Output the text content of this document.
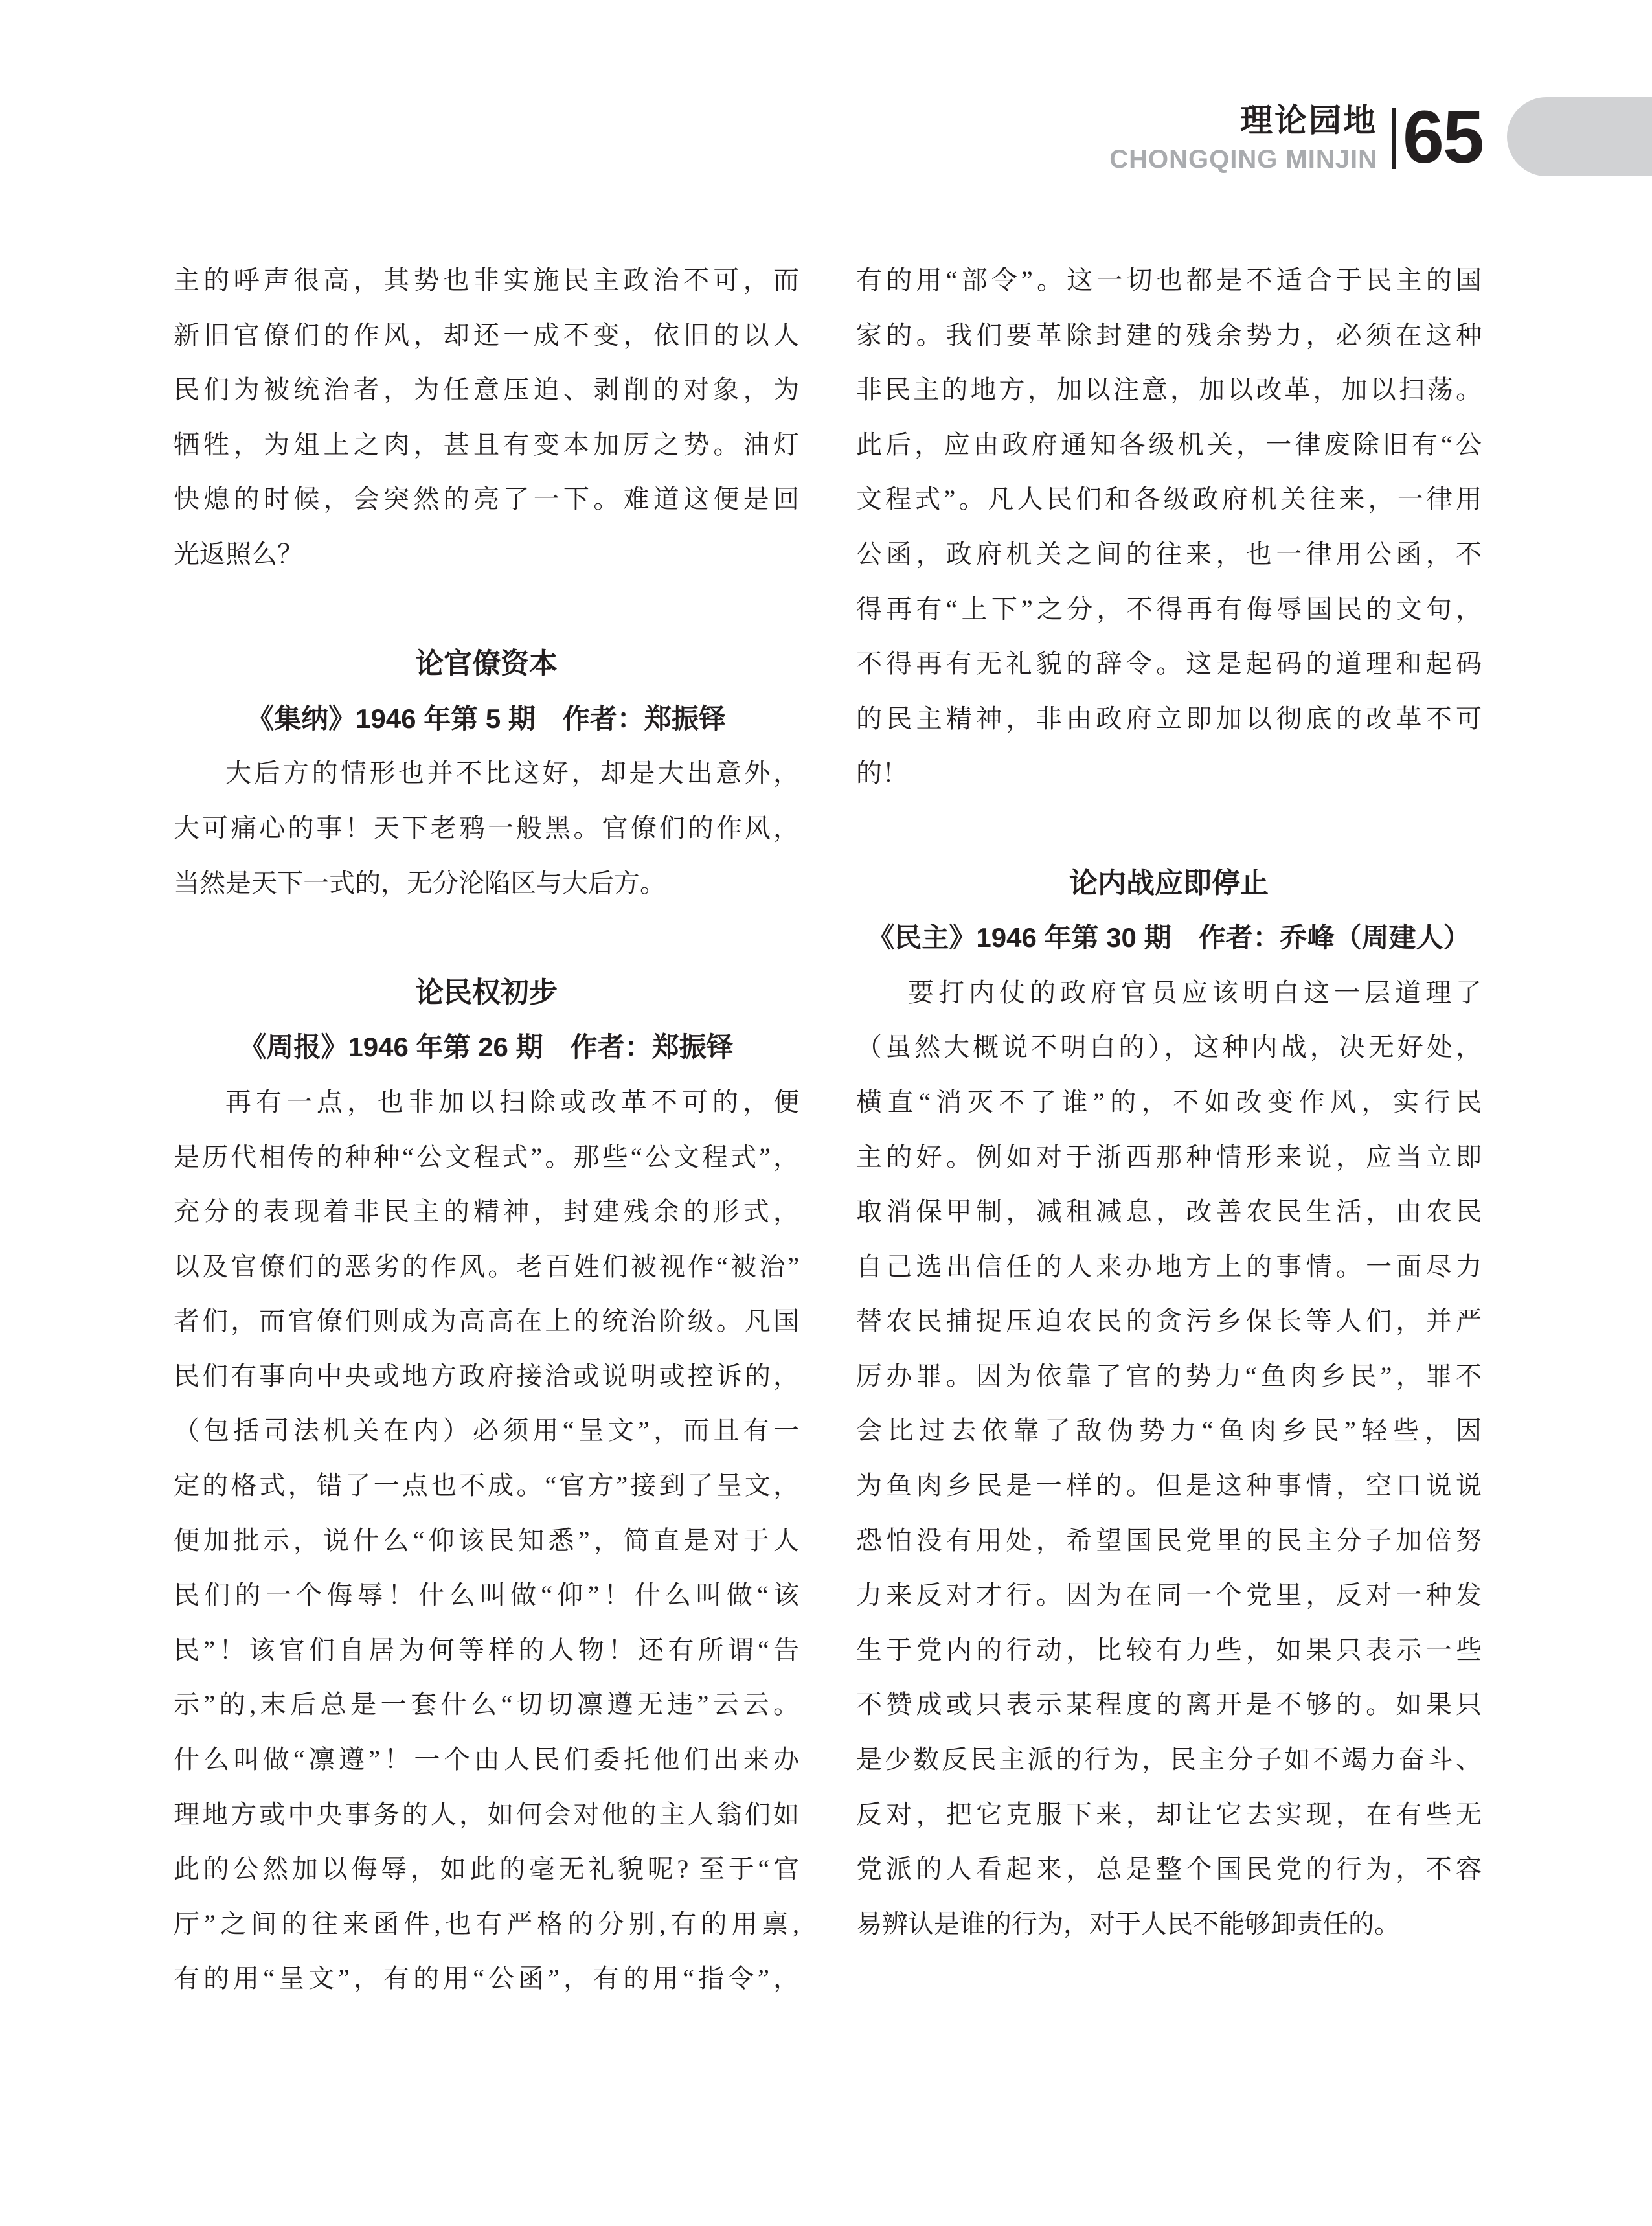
理论园地
CHONGQING MINJIN 65
主的呼声很高，其势也非实施民主政治不可，而
新旧官僚们的作风，却还一成不变，依旧的以人
民们为被统治者，为任意压迫、剥削的对象，为
牺牲，为俎上之肉，甚且有变本加厉之势。油灯
快熄的时候，会突然的亮了一下。难道这便是回
光返照么？
论官僚资本
《集纳》1946 年第 5 期　作者：郑振铎
大后方的情形也并不比这好，却是大出意外，
大可痛心的事！天下老鸦一般黑。官僚们的作风，
当然是天下一式的，无分沦陷区与大后方。
论民权初步
《周报》1946 年第 26 期　作者：郑振铎
再有一点，也非加以扫除或改革不可的，便
是历代相传的种种“公文程式”。那些“公文程式”，
充分的表现着非民主的精神，封建残余的形式，
以及官僚们的恶劣的作风。老百姓们被视作“被治”
者们，而官僚们则成为高高在上的统治阶级。凡国
民们有事向中央或地方政府接洽或说明或控诉的，
（包括司法机关在内）必须用“呈文”，而且有一
定的格式，错了一点也不成。“官方”接到了呈文，
便加批示，说什么“仰该民知悉”，简直是对于人
民们的一个侮辱！什么叫做“仰”！什么叫做“该
民”！该官们自居为何等样的人物！还有所谓“告
示”的,末后总是一套什么“切切凛遵无违”云云。
什么叫做“凛遵”！一个由人民们委托他们出来办
理地方或中央事务的人，如何会对他的主人翁们如
此的公然加以侮辱，如此的毫无礼貌呢? 至于“官
厅”之间的往来函件,也有严格的分别,有的用禀,
有的用“呈文”，有的用“公函”，有的用“指令”，
有的用“部令”。这一切也都是不适合于民主的国
家的。我们要革除封建的残余势力，必须在这种
非民主的地方，加以注意，加以改革，加以扫荡。
此后，应由政府通知各级机关，一律废除旧有“公
文程式”。凡人民们和各级政府机关往来，一律用
公函，政府机关之间的往来，也一律用公函，不
得再有“上下”之分，不得再有侮辱国民的文句，
不得再有无礼貌的辞令。这是起码的道理和起码
的民主精神，非由政府立即加以彻底的改革不可
的！
论内战应即停止
《民主》1946 年第 30 期　作者：乔峰（周建人）
要打内仗的政府官员应该明白这一层道理了
（虽然大概说不明白的），这种内战，决无好处，
横直“消灭不了谁”的，不如改变作风，实行民
主的好。例如对于浙西那种情形来说，应当立即
取消保甲制，减租减息，改善农民生活，由农民
自己选出信任的人来办地方上的事情。一面尽力
替农民捕捉压迫农民的贪污乡保长等人们，并严
厉办罪。因为依靠了官的势力“鱼肉乡民”，罪不
会比过去依靠了敌伪势力“鱼肉乡民”轻些，因
为鱼肉乡民是一样的。但是这种事情，空口说说
恐怕没有用处，希望国民党里的民主分子加倍努
力来反对才行。因为在同一个党里，反对一种发
生于党内的行动，比较有力些，如果只表示一些
不赞成或只表示某程度的离开是不够的。如果只
是少数反民主派的行为，民主分子如不竭力奋斗、
反对，把它克服下来，却让它去实现，在有些无
党派的人看起来，总是整个国民党的行为，不容
易辨认是谁的行为，对于人民不能够卸责任的。
